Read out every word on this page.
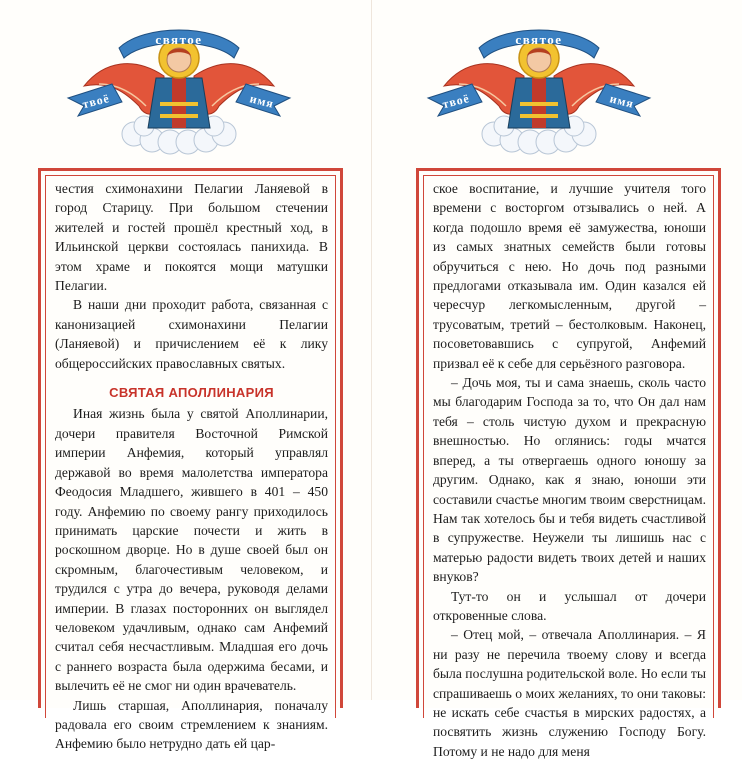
святое
твоё	имя

честия схимонахини Пелагии Ланяевой в город Старицу. При большом стечении жителей и гостей прошёл крестный ход, в Ильинской церкви состоялась панихида. В этом храме и покоятся мощи матушки Пелагии.

В наши дни проходит работа, связанная с канонизацией схимонахини Пелагии (Ланяевой) и причислением её к лику общероссийских православных святых.

СВЯТАЯ АПОЛЛИНАРИЯ

Иная жизнь была у святой Аполлинарии, дочери правителя Восточной Римской империи Анфемия, который управлял державой во время малолетства императора Феодосия Младшего, жившего в 401 – 450 году. Анфемию по своему рангу приходилось принимать царские почести и жить в роскошном дворце. Но в душе своей был он скромным, благочестивым человеком, и трудился с утра до вечера, руководя делами империи. В глазах посторонних он выглядел человеком удачливым, однако сам Анфемий считал себя несчастливым. Младшая его дочь с раннего возраста была одержима бесами, и вылечить её не смог ни один врачеватель.

Лишь старшая, Аполлинария, поначалу радовала его своим стремлением к знаниям. Анфемию было нетрудно дать ей цар-

святое
твоё	имя

ское воспитание, и лучшие учителя того времени с восторгом отзывались о ней. А когда подошло время её замужества, юноши из самых знатных семейств были готовы обручиться с нею. Но дочь под разными предлогами отказывала им. Один казался ей чересчур легкомысленным, другой – трусоватым, третий – бестолковым. Наконец, посоветовавшись с супругой, Анфемий призвал её к себе для серьёзного разговора.

– Дочь моя, ты и сама знаешь, сколь часто мы благодарим Господа за то, что Он дал нам тебя – столь чистую духом и прекрасную внешностью. Но оглянись: годы мчатся вперед, а ты отвергаешь одного юношу за другим. Однако, как я знаю, юноши эти составили счастье многим твоим сверстницам. Нам так хотелось бы и тебя видеть счастливой в супружестве. Неужели ты лишишь нас с матерью радости видеть твоих детей и наших внуков?

Тут-то он и услышал от дочери откровенные слова.

– Отец мой, – отвечала Аполлинария. – Я ни разу не перечила твоему слову и всегда была послушна родительской воле. Но если ты спрашиваешь о моих желаниях, то они таковы: не искать себе счастья в мирских радостях, а посвятить жизнь служению Господу Богу. Потому и не надо для меня
